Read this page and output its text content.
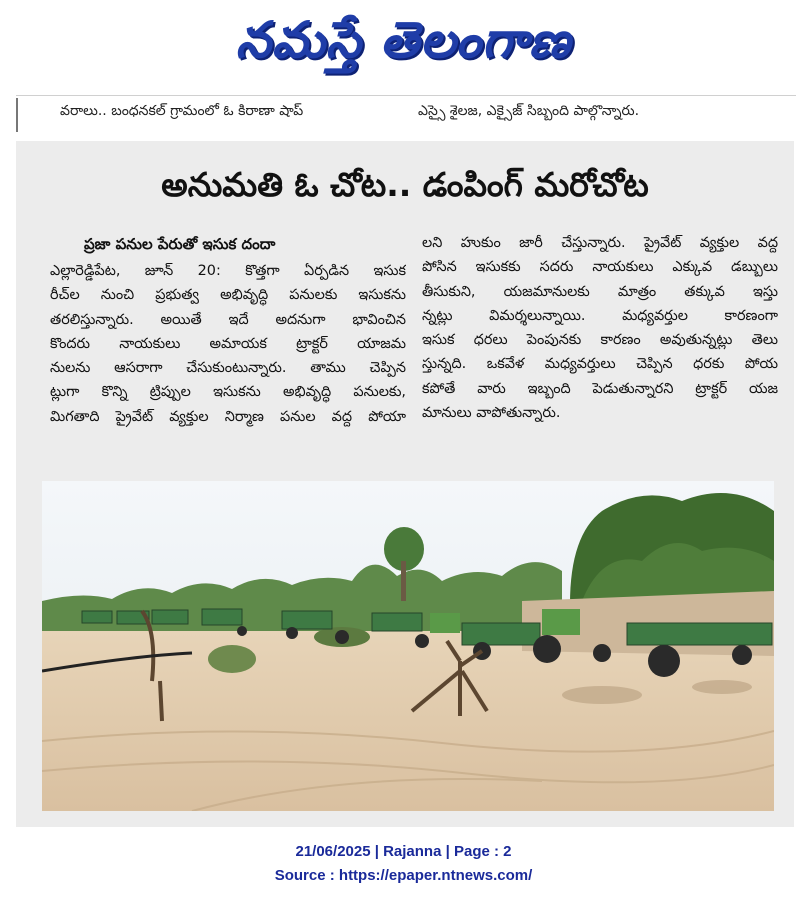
నమస్తే తెలంగాణ
వరాలు.. బంధనకల్ గ్రామంలో ఓ కిరాణా షాప్	ఎస్సై శైలజ, ఎక్సైజ్ సిబ్బంది పాల్గొన్నారు.
అనుమతి ఓ చోట.. డంపింగ్ మరోచోట
ప్రజా పనుల పేరుతో ఇసుక దందా
ఎల్లారెడ్డిపేట, జూన్ 20: కొత్తగా ఏర్పడిన ఇసుక
రీచ్‌ల నుంచి ప్రభుత్వ అభివృద్ధి పనులకు ఇసుకను
తరలిస్తున్నారు. అయితే ఇదే అదనుగా భావించిన
కొందరు నాయకులు అమాయక ట్రాక్టర్ యాజమ
నులను ఆసరాగా చేసుకుంటున్నారు. తాము చెప్పిన
ట్లుగా కొన్ని ట్రిప్పుల ఇసుకను అభివృద్ధి పనులకు,
మిగతాది ప్రైవేట్ వ్యక్తుల నిర్మాణ పనుల వద్ద పోయా
లని హుకుం జారీ చేస్తున్నారు. ప్రైవేట్ వ్యక్తుల వద్ద
పోసిన ఇసుకకు సదరు నాయకులు ఎక్కువ డబ్బులు
తీసుకుని, యజమానులకు మాత్రం తక్కువ ఇస్తు
న్నట్లు విమర్శలున్నాయి. మధ్యవర్తుల కారణంగా
ఇసుక ధరలు పెంపునకు కారణం అవుతున్నట్లు తెలు
స్తున్నది. ఒకవేళ మధ్యవర్తులు చెప్పిన ధరకు పోయ
కపోతే వారు ఇబ్బంది పెడుతున్నారని ట్రాక్టర్ యజ
మానులు వాపోతున్నారు.
21/06/2025 | Rajanna | Page : 2
Source : https://epaper.ntnews.com/
